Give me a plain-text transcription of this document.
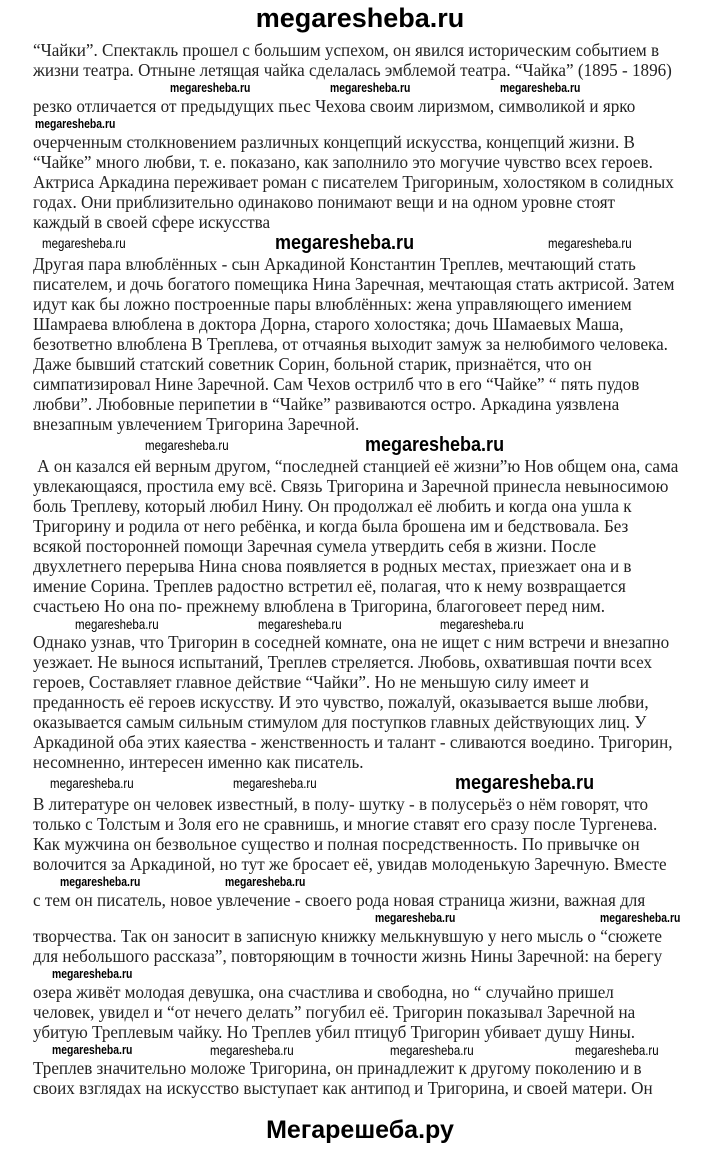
megaresheba.ru
“Чайки”. Спектакль прошел с большим успехом, он явился историческим событием в
жизни театра. Отныне летящая чайка сделалась эмблемой театра. “Чайка” (1895 - 1896)
резко отличается от предыдущих пьес Чехова своим лиризмом, символикой и ярко
очерченным столкновением различных концепций искусства, концепций жизни. В
“Чайке” много любви, т. е. показано, как заполнило это могучие чувство всех героев.
Актриса Аркадина переживает роман с писателем Тригориным, холостяком в солидных
годах. Они приблизительно одинаково понимают вещи и на одном уровне стоят
каждый в своей сфере искусства
Другая пара влюблённых - сын Аркадиной Константин Треплев, мечтающий стать
писателем, и дочь богатого помещика Нина Заречная, мечтающая стать актрисой. Затем
идут как бы ложно построенные пары влюблённых: жена управляющего имением
Шамраева влюблена в доктора Дорна, старого холостяка; дочь Шамаевых Маша,
безответно влюблена В Треплева, от отчаянья выходит замуж за нелюбимого человека.
Даже бывший статский советник Сорин, больной старик, признаётся, что он
симпатизировал Нине Заречной. Сам Чехов острилб что в его “Чайке” “ пять пудов
любви”. Любовные перипетии в “Чайке” развиваются остро. Аркадина уязвлена
внезапным увлечением Тригорина Заречной.
А он казался ей верным другом, “последней станцией её жизни”ю Нов общем она, сама
увлекающаяся, простила ему всё. Связь Тригорина и Заречной принесла невыносимою
боль Треплеву, который любил Нину. Он продолжал её любить и когда она ушла к
Тригорину и родила от него ребёнка, и когда была брошена им и бедствовала. Без
всякой посторонней помощи Заречная сумела утвердить себя в жизни. После
двухлетнего перерыва Нина снова появляется в родных местах, приезжает она и в
имение Сорина. Треплев радостно встретил её, полагая, что к нему возвращается
счастьею Но она по- прежнему влюблена в Тригорина, благоговеет перед ним.
Однако узнав, что Тригорин в соседней комнате, она не ищет с ним встречи и внезапно
уезжает. Не вынося испытаний, Треплев стреляется. Любовь, охватившая почти всех
героев, Составляет главное действие “Чайки”. Но не меньшую силу имеет и
преданность её героев искусству. И это чувство, пожалуй, оказывается выше любви,
оказывается самым сильным стимулом для поступков главных действующих лиц. У
Аркадиной оба этих каяества - женственность и талант - сливаются воедино. Тригорин,
несомненно, интересен именно как писатель.
В литературе он человек известный, в полу- шутку - в полусерьёз о нём говорят, что
только с Толстым и Золя его не сравнишь, и многие ставят его сразу после Тургенева.
Как мужчина он безвольное существо и полная посредственность. По привычке он
волочится за Аркадиной, но тут же бросает её, увидав молоденькую Заречную. Вместе
с тем он писатель, новое увлечение - своего рода новая страница жизни, важная для
творчества. Так он заносит в записную книжку мелькнувшую у него мысль о “сюжете
для небольшого рассказа”, повторяющим в точности жизнь Нины Заречной: на берегу
озера живёт молодая девушка, она счастлива и свободна, но “ случайно пришел
человек, увидел и “от нечего делать” погубил её. Тригорин показывал Заречной на
убитую Треплевым чайку. Но Треплев убил птицуб Тригорин убивает душу Нины.
Треплев значительно моложе Тригорина, он принадлежит к другому поколению и в
своих взглядах на искусство выступает как антипод и Тригорина, и своей матери. Он
megaresheba.ru	megaresheba.ru	megaresheba.ru
megaresheba.ru
megaresheba.ru	megaresheba.ru	megaresheba.ru
megaresheba.ru	megaresheba.ru
megaresheba.ru	megaresheba.ru	megaresheba.ru
megaresheba.ru	megaresheba.ru	megaresheba.ru
megaresheba.ru	megaresheba.ru
megaresheba.ru	megaresheba.ru
megaresheba.ru
megaresheba.ru	megaresheba.ru	megaresheba.ru	megaresheba.ru
Мегарешеба.ру
